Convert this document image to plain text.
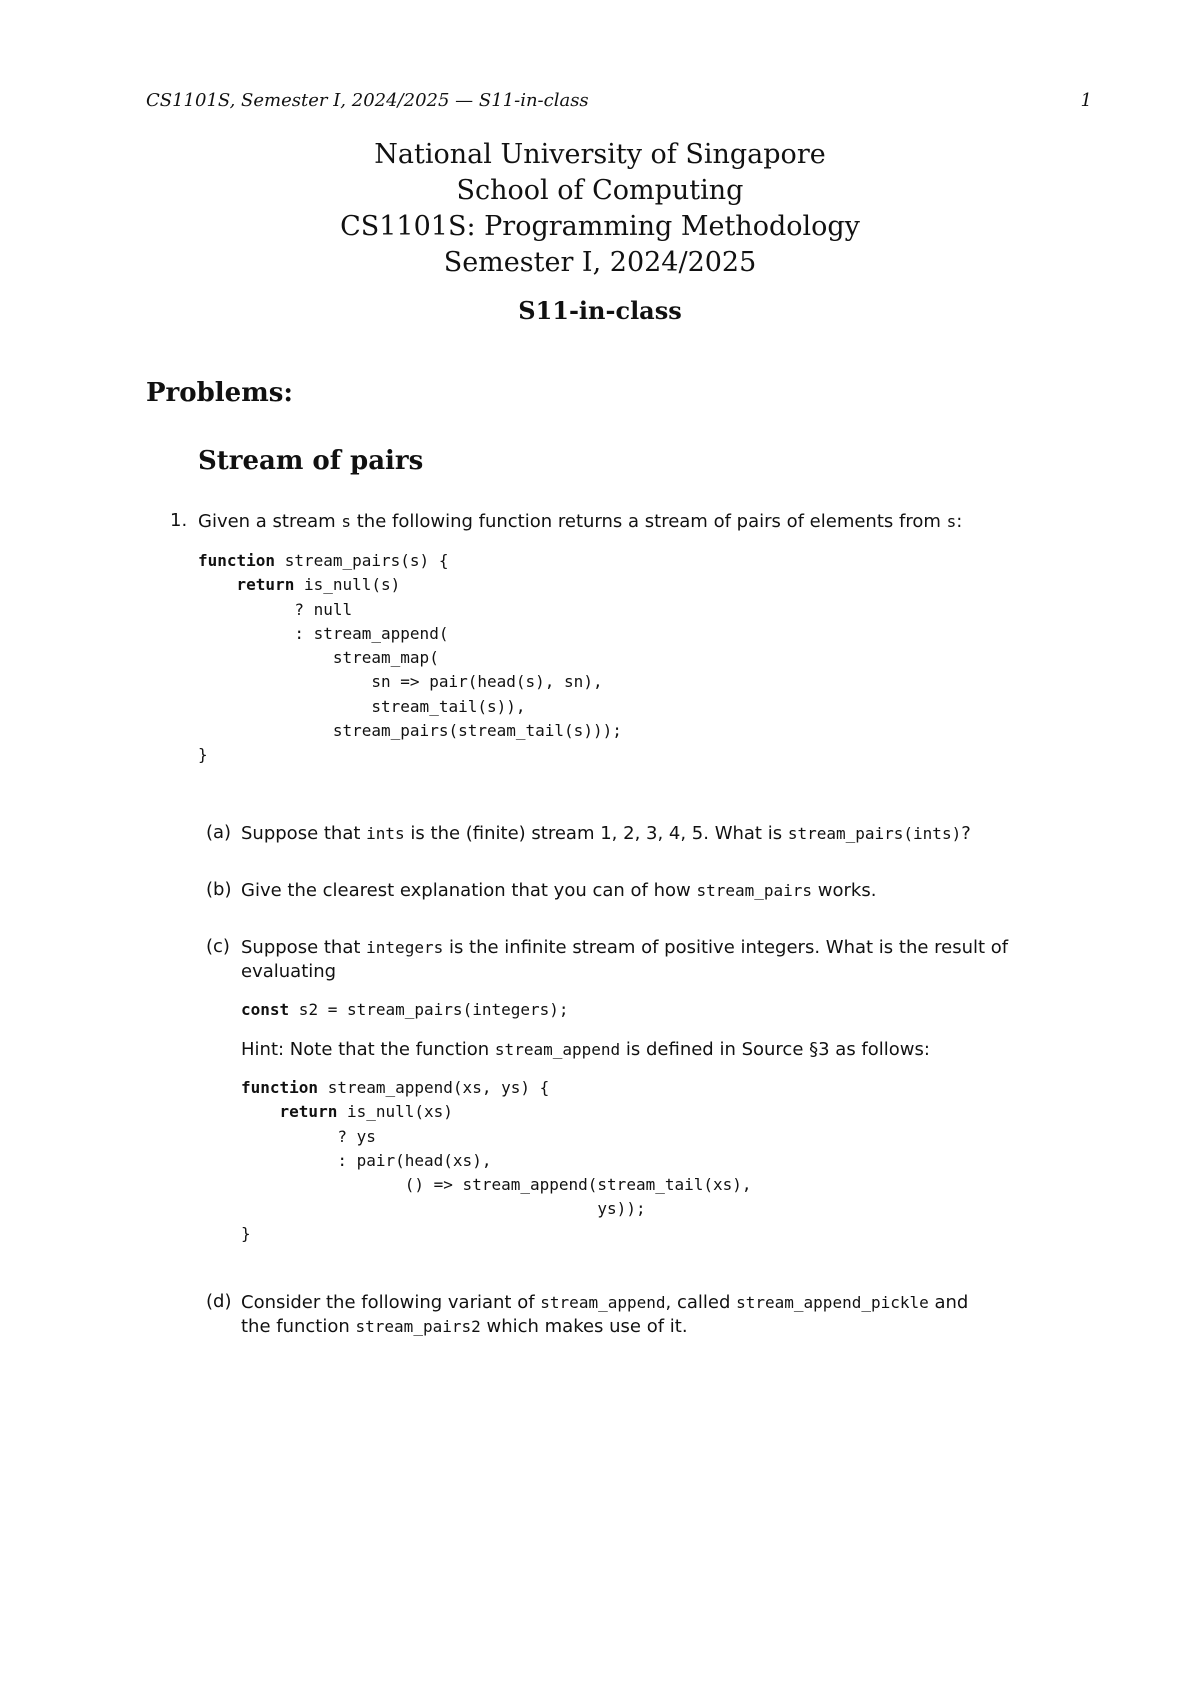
CS1101S, Semester I, 2024/2025 — S11-in-class	1
National University of Singapore
School of Computing
CS1101S: Programming Methodology
Semester I, 2024/2025
S11-in-class
Problems:
Stream of pairs
1. Given a stream s the following function returns a stream of pairs of elements from s:
function stream_pairs(s) {
return is_null(s)
? null
: stream_append(
stream_map(
sn => pair(head(s), sn),
stream_tail(s)),
stream_pairs(stream_tail(s)));
}
(a) Suppose that ints is the (finite) stream 1, 2, 3, 4, 5. What is stream_pairs(ints)?
(b) Give the clearest explanation that you can of how stream_pairs works.
(c) Suppose that integers is the infinite stream of positive integers. What is the result of
evaluating
const s2 = stream_pairs(integers);
Hint: Note that the function stream_append is defined in Source §3 as follows:
function stream_append(xs, ys) {
return is_null(xs)
? ys
: pair(head(xs),
() => stream_append(stream_tail(xs),
ys));
}
(d) Consider the following variant of stream_append, called stream_append_pickle and
the function stream_pairs2 which makes use of it.
